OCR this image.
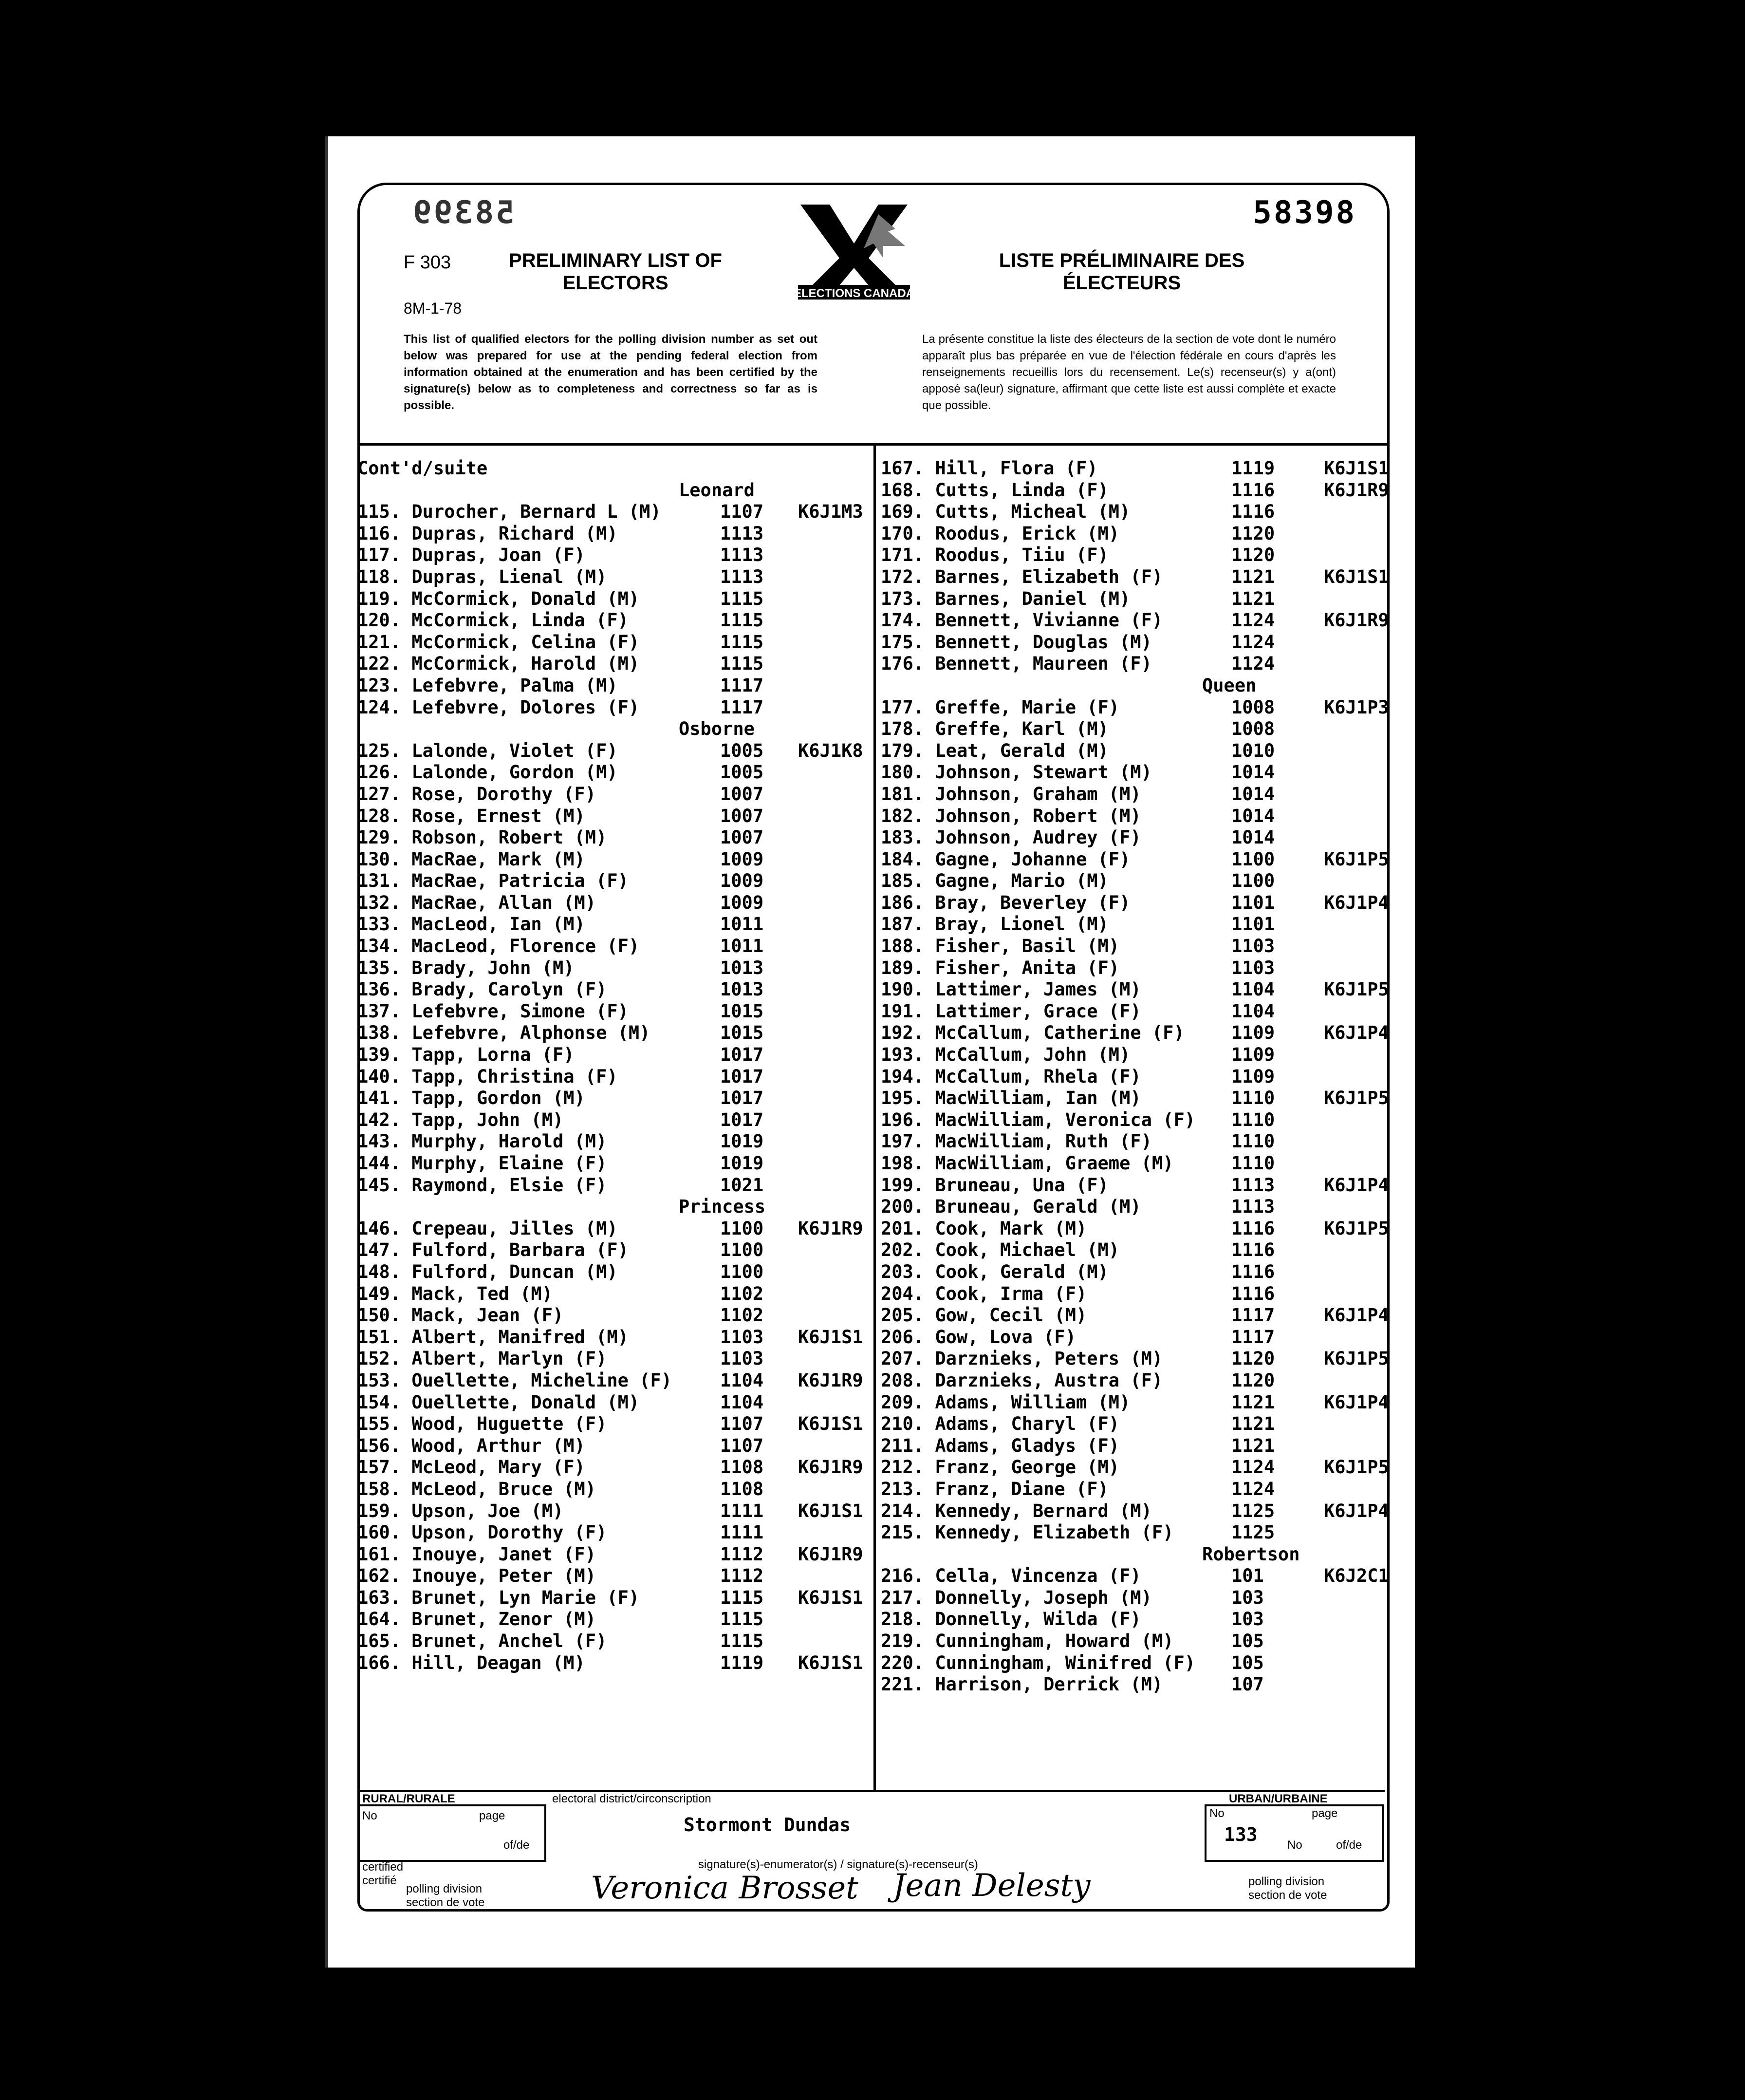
58399	58398
F 303
8M-1-78
PRELIMINARY LIST OF ELECTORS
LISTE PRÉLIMINAIRE DES ÉLECTEURS
ELECTIONS CANADA
This list of qualified electors for the polling division number as set out below was prepared for use at the pending federal election from information obtained at the enumeration and has been certified by the signature(s) below as to completeness and correctness so far as is possible.
La présente constitue la liste des électeurs de la section de vote dont le numéro apparaît plus bas préparée en vue de l'élection fédérale en cours d'après les renseignements recueillis lors du recensement. Le(s) recenseur(s) y a(ont) apposé sa(leur) signature, affirmant que cette liste est aussi complète et exacte que possible.
Cont'd/suite
Leonard
115. Durocher, Bernard L (M)	1107 K6J1M3
116. Dupras, Richard (M)	1113
117. Dupras, Joan (F)	1113
118. Dupras, Lienal (M)	1113
119. McCormick, Donald (M)	1115
120. McCormick, Linda (F)	1115
121. McCormick, Celina (F)	1115
122. McCormick, Harold (M)	1115
123. Lefebvre, Palma (M)	1117
124. Lefebvre, Dolores (F)	1117
Osborne
125. Lalonde, Violet (F)	1005 K6J1K8
126. Lalonde, Gordon (M)	1005
127. Rose, Dorothy (F)	1007
128. Rose, Ernest (M)	1007
129. Robson, Robert (M)	1007
130. MacRae, Mark (M)	1009
131. MacRae, Patricia (F)	1009
132. MacRae, Allan (M)	1009
133. MacLeod, Ian (M)	1011
134. MacLeod, Florence (F)	1011
135. Brady, John (M)	1013
136. Brady, Carolyn (F)	1013
137. Lefebvre, Simone (F)	1015
138. Lefebvre, Alphonse (M)	1015
139. Tapp, Lorna (F)	1017
140. Tapp, Christina (F)	1017
141. Tapp, Gordon (M)	1017
142. Tapp, John (M)	1017
143. Murphy, Harold (M)	1019
144. Murphy, Elaine (F)	1019
145. Raymond, Elsie (F)	1021
Princess
146. Crepeau, Jilles (M)	1100 K6J1R9
147. Fulford, Barbara (F)	1100
148. Fulford, Duncan (M)	1100
149. Mack, Ted (M)	1102
150. Mack, Jean (F)	1102
151. Albert, Manifred (M)	1103 K6J1S1
152. Albert, Marlyn (F)	1103
153. Ouellette, Micheline (F)	1104 K6J1R9
154. Ouellette, Donald (M)	1104
155. Wood, Huguette (F)	1107 K6J1S1
156. Wood, Arthur (M)	1107
157. McLeod, Mary (F)	1108 K6J1R9
158. McLeod, Bruce (M)	1108
159. Upson, Joe (M)	1111 K6J1S1
160. Upson, Dorothy (F)	1111
161. Inouye, Janet (F)	1112 K6J1R9
162. Inouye, Peter (M)	1112
163. Brunet, Lyn Marie (F)	1115 K6J1S1
164. Brunet, Zenor (M)	1115
165. Brunet, Anchel (F)	1115
166. Hill, Deagan (M)	1119 K6J1S1
167. Hill, Flora (F)	1119	K6J1S1
168. Cutts, Linda (F)	1116	K6J1R9
169. Cutts, Micheal (M)	1116
170. Roodus, Erick (M)	1120
171. Roodus, Tiiu (F)	1120
172. Barnes, Elizabeth (F)	1121	K6J1S1
173. Barnes, Daniel (M)	1121
174. Bennett, Vivianne (F)	1124	K6J1R9
175. Bennett, Douglas (M)	1124
176. Bennett, Maureen (F)	1124
Queen
177. Greffe, Marie (F)	1008	K6J1P3
178. Greffe, Karl (M)	1008
179. Leat, Gerald (M)	1010
180. Johnson, Stewart (M)	1014
181. Johnson, Graham (M)	1014
182. Johnson, Robert (M)	1014
183. Johnson, Audrey (F)	1014
184. Gagne, Johanne (F)	1100	K6J1P5
185. Gagne, Mario (M)	1100
186. Bray, Beverley (F)	1101	K6J1P4
187. Bray, Lionel (M)	1101
188. Fisher, Basil (M)	1103
189. Fisher, Anita (F)	1103
190. Lattimer, James (M)	1104	K6J1P5
191. Lattimer, Grace (F)	1104
192. McCallum, Catherine (F)	1109	K6J1P4
193. McCallum, John (M)	1109
194. McCallum, Rhela (F)	1109
195. MacWilliam, Ian (M)	1110	K6J1P5
196. MacWilliam, Veronica (F) 1110
197. MacWilliam, Ruth (F)	1110
198. MacWilliam, Graeme (M)	1110
199. Bruneau, Una (F)	1113	K6J1P4
200. Bruneau, Gerald (M)	1113
201. Cook, Mark (M)	1116	K6J1P5
202. Cook, Michael (M)	1116
203. Cook, Gerald (M)	1116
204. Cook, Irma (F)	1116
205. Gow, Cecil (M)	1117	K6J1P4
206. Gow, Lova (F)	1117
207. Darznieks, Peters (M)	1120	K6J1P5
208. Darznieks, Austra (F)	1120
209. Adams, William (M)	1121	K6J1P4
210. Adams, Charyl (F)	1121
211. Adams, Gladys (F)	1121
212. Franz, George (M)	1124	K6J1P5
213. Franz, Diane (F)	1124
214. Kennedy, Bernard (M)	1125	K6J1P4
215. Kennedy, Elizabeth (F)	1125
Robertson
216. Cella, Vincenza (F)	101	K6J2C1
217. Donnelly, Joseph (M)	103
218. Donnelly, Wilda (F)	103
219. Cunningham, Howard (M)	105
220. Cunningham, Winifred (F) 105
221. Harrison, Derrick (M)	107
RURAL/RURALE
No	page
of/de
electoral district/circonscription
Stormont Dundas
URBAN/URBAINE
No
133
page
No	of/de
certified certifié
signature(s)-enumerator(s) / signature(s)-recenseur(s)
Veronica Brosset Jean Delesty
polling division section de vote
polling division section de vote
